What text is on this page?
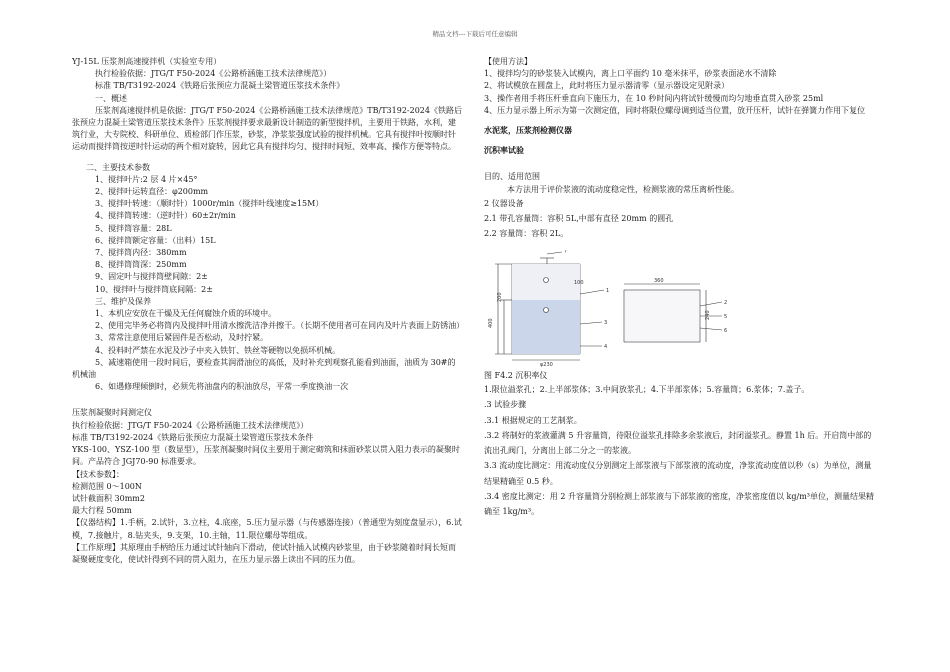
精品文档---下载后可任意编辑
YJ-15L 压浆剂高速搅拌机（实验室专用）
执行检验依据：JTG/T F50-2024《公路桥涵施工技术法律规范》）
标准 TB/T3192-2024《铁路后张预应力混凝土梁管道压浆技术条件》
一、概述
压浆剂高速搅拌机是依据：JTG/T F50-2024《公路桥涵施工技术法律规范》TB/T3192-2024《铁路后张预应力混凝土梁管道压浆技术条件》压浆剂搅拌要求最新设计制造的新型搅拌机，主要用于铁路，水利，建筑行业，大专院校、科研单位、质检部门作压浆，砂浆，净浆浆强度试验的搅拌机械。它具有搅拌叶按顺时针运动而搅拌筒按逆时针运动的两个相对旋转，因此它具有搅拌均匀、搅拌时间短、效率高、操作方便等特点。
二、主要技术参数
1、搅拌叶片:2 层 4 片×45°
2、搅拌叶运转直径：φ200mm
3、搅拌叶转速：（顺时针）1000r/min（搅拌叶线速度≥15M）
4、搅拌筒转速：（逆时针）60±2r/min
5、搅拌筒容量：28L
6、搅拌筒额定容量：（出料）15L
7、搅拌筒内径：380mm
8、搅拌筒筒深：250mm
9、固定叶与搅拌筒壁间隙：2±
10、搅拌叶与搅拌筒底间隔：2±
三、维护及保养
1、本机应安放在干燥及无任何腐蚀介质的环境中。
2、使用完毕务必将筒内及搅拌叶用清水擦洗洁净并擦干。（长期不使用者可在同内及叶片表面上防锈油）
3、常常注意使用后紧固件是否松动，及时拧紧。
4、投料时严禁在水泥及沙子中夹入铁钉、铁丝等硬物以免损坏机械。
5、减速箱使用一段时间后，要检查其润滑油位的高低，及时补充到观察孔能看到油面，油质为 30#的机械油
6、如遇修理倾倒时，必须先将油盘内的积油放尽，平常一季度换油一次
压浆剂凝聚时间测定仪
执行检验依据：JTG/T F50-2024《公路桥涵施工技术法律规范》）
标准 TB/T3192-2024《铁路后张预应力混凝土梁管道压浆技术条件
YKS-100、YSZ-100 型（数显型），压浆剂凝聚时间仪主要用于测定砌筑和抹面砂浆以贯入阻力表示的凝聚时间。产品符合 JGJ70-90 标准要求。
【技术参数】：
检测范围 0～100N
试针截面积 30mm2
最大行程 50mm
【仪器结构】1.手柄，2.试针，3.立柱，4.底座，5.压力显示器（与传感器连接）（普通型为刻度盘显示），6.试模，7.接触片，8.钻夹头，9.支架，10.主轴，11.限位螺母等组成。
【工作原理】其原理由手柄给压力通过试针轴向下滑动，使试针插入试模内砂浆里，由于砂浆随着时间长短而凝聚硬度变化，使试针得到不同的贯入阻力，在压力显示器上读出不同的压力值。
【使用方法】
1、搅拌均匀的砂浆装入试模内，离上口平面约 10 毫米抹平，砂浆表面泌水不清除
2、将试模放在圆盘上，此时将压力显示器清零（显示器设定见附录）
3、操作者用手将压杆垂直向下施压力，在 10 秒时间内将试针缓慢而均匀地垂直贯入砂浆 25ml
4、压力显示器上所示为第一次测定值，同时将限位螺母调到适当位置，放开压杆，试针在弹簧力作用下复位
水泥浆，压浆剂检测仪器
沉积率试验
目的、适用范围
本方法用于评价浆液的流动度稳定性，检测浆液的常压离析性能。
2 仪器设备
2.1 带孔容量筒：容积 5L,中部有直径 20mm 的圆孔
2.2 容量筒：容积 2L。
400
200
100
φ230
7
1
3
4
360
240
2
5
6
图 F4.2 沉积率仪
1.限位溢浆孔；2.上半部浆体；3.中间放浆孔；4.下半部浆体；5.容量筒；6.浆体；7.盖子。
.3 试验步骤
.3.1 根据规定的工艺制浆。
.3.2 将制好的浆液灌满 5 升容量筒，待限位溢浆孔排除多余浆液后，封闭溢浆孔。静置 1h 后。开启筒中部的流出孔阀门，分离出上部二分之一的浆液。
3.3 流动度比测定：用流动度仪分别测定上部浆液与下部浆液的流动度，净浆流动度值以秒（s）为单位，测量结果精确至 0.5 秒。
.3.4 密度比测定：用 2 升容量筒分别检测上部浆液与下部浆液的密度，净浆密度值以 kg/m³单位，测量结果精确至 1kg/m³。
